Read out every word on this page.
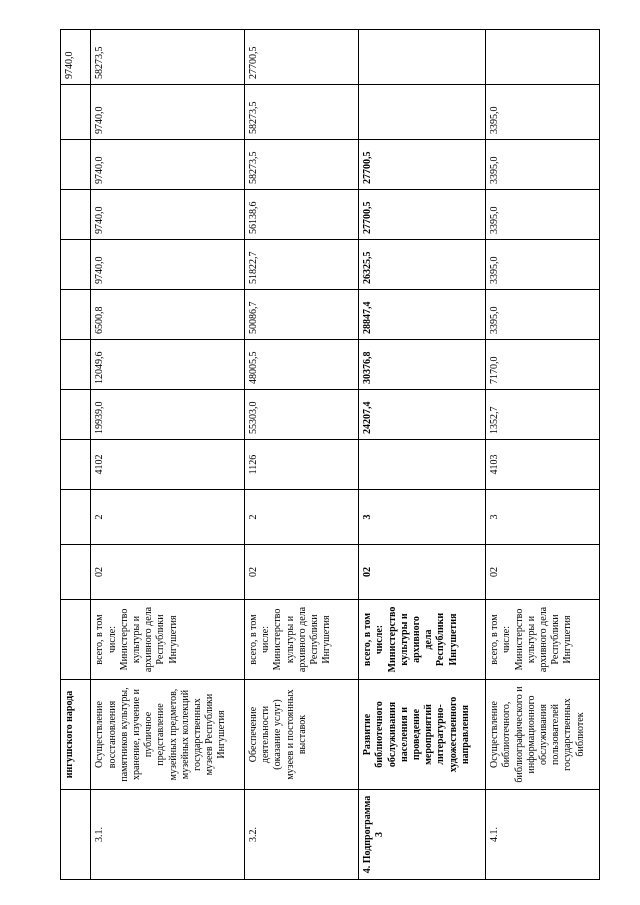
	ингушского народа												9740,0
3.1.	Осуществление восстановления памятников культуры, хранение, изучение и публичное представление музейных предметов, музейных коллекций государственных музеев Республики Ингушетия	всего, в том числе: Министерство культуры и архивного дела Республики Ингушетия	02	2	4102	19939,0	12049,6	6500,8	9740,0	9740,0	9740,0	9740,0	58273,5
3.2.	Обеспечение деятельности (оказание услуг) музеев и постоянных выставок	всего, в том числе: Министерство культуры и архивного дела Республики Ингушетия	02	2	1126	55303,0	48005,5	50086,7	51822,7	56138,6	58273,5	58273,5	27700,5
4. Подпрограмма 3	Развитие библиотечного обслуживания населения и проведение мероприятий литературно-художественного направления	всего, в том числе: Министерство культуры и архивного дела Республики Ингушетия	02	3		24207,4	30376,8	28847,4	26325,5	27700,5	27700,5		
4.1.	Осуществление библиотечного, библиографического и информационного обслуживания пользователей государственных библиотек	всего, в том числе: Министерство культуры и архивного дела Республики Ингушетия	02	3	4103	1352,7	7170,0	3395,0	3395,0	3395,0	3395,0	3395,0	
